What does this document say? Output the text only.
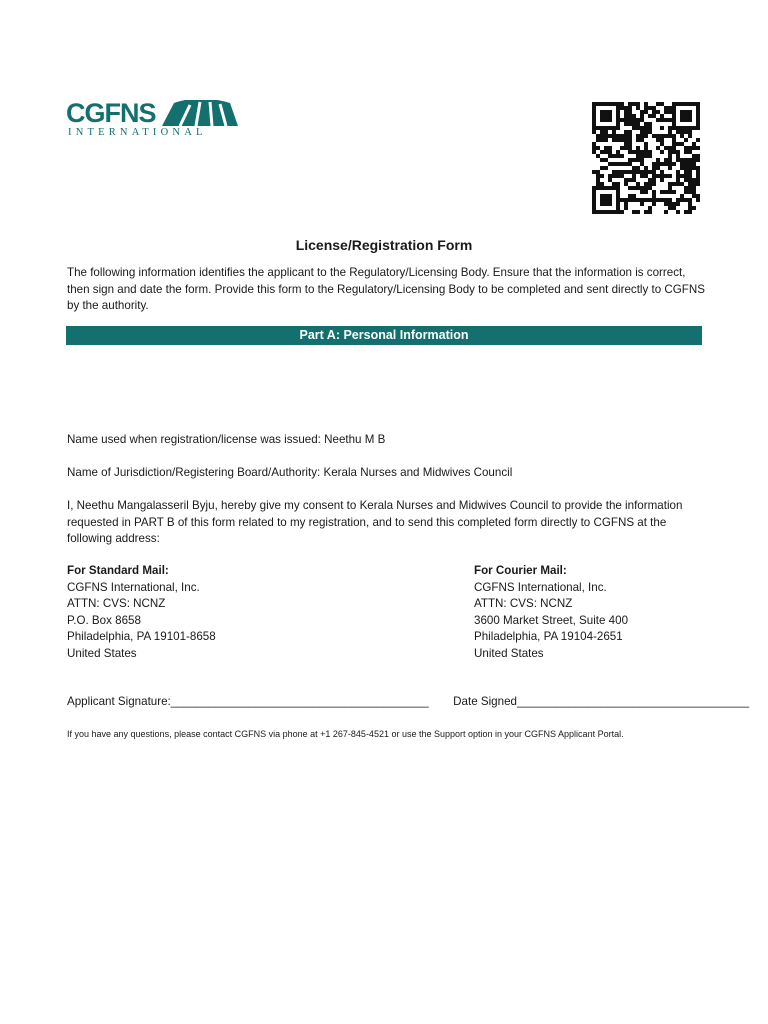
CGFNS
INTERNATIONAL
License/Registration Form
The following information identifies the applicant to the Regulatory/Licensing Body. Ensure that the information is correct, then sign and date the form. Provide this form to the Regulatory/Licensing Body to be completed and sent directly to CGFNS by the authority.
Part A: Personal Information
Name used when registration/license was issued: Neethu M B
Name of Jurisdiction/Registering Board/Authority: Kerala Nurses and Midwives Council
I, Neethu Mangalasseril Byju, hereby give my consent to Kerala Nurses and Midwives Council to provide the information requested in PART B of this form related to my registration, and to send this completed form directly to CGFNS at the following address:
For Standard Mail:
CGFNS International, Inc.
ATTN: CVS: NCNZ
P.O. Box 8658
Philadelphia, PA 19101-8658
United States
For Courier Mail:
CGFNS International, Inc.
ATTN: CVS: NCNZ
3600 Market Street, Suite 400
Philadelphia, PA 19104-2651
United States
Applicant Signature:________________________________________ Date Signed____________________________________
If you have any questions, please contact CGFNS via phone at +1 267-845-4521 or use the Support option in your CGFNS Applicant Portal.
